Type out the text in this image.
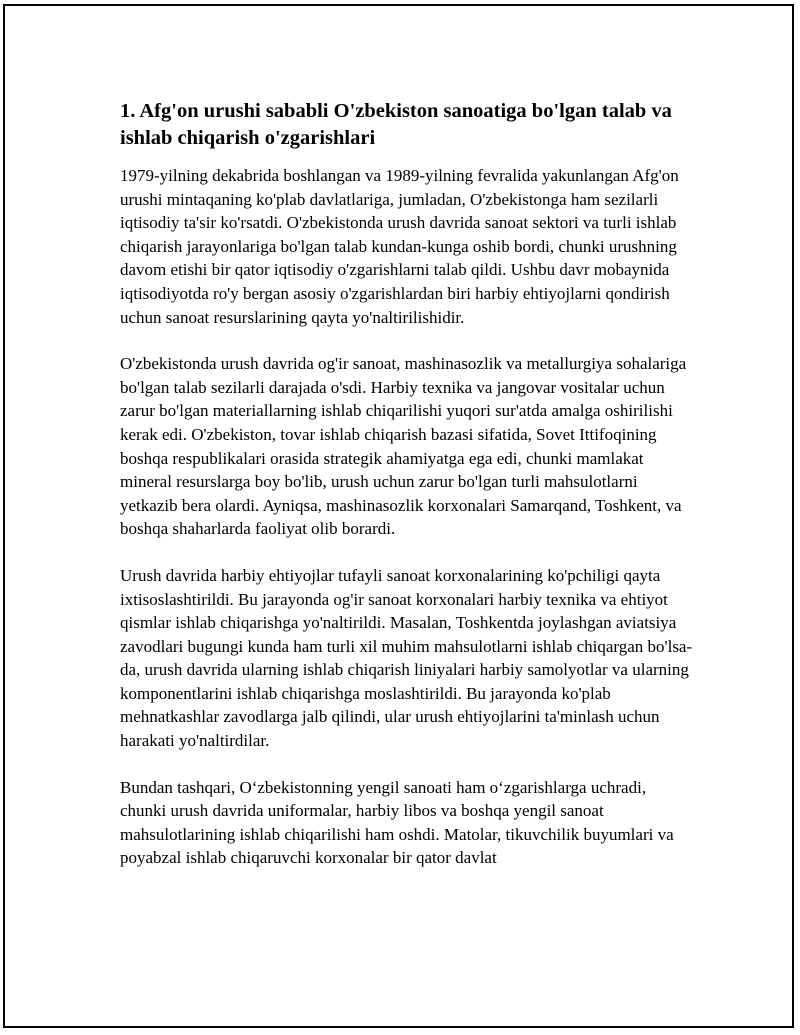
1. Afg'on urushi sababli O'zbekiston sanoatiga bo'lgan talab va ishlab chiqarish o'zgarishlari

1979-yilning dekabrida boshlangan va 1989-yilning fevralida yakunlangan Afg'on urushi mintaqaning ko'plab davlatlariga, jumladan, O'zbekistonga ham sezilarli iqtisodiy ta'sir ko'rsatdi. O'zbekistonda urush davrida sanoat sektori va turli ishlab chiqarish jarayonlariga bo'lgan talab kundan-kunga oshib bordi, chunki urushning davom etishi bir qator iqtisodiy o'zgarishlarni talab qildi. Ushbu davr mobaynida iqtisodiyotda ro'y bergan asosiy o'zgarishlardan biri harbiy ehtiyojlarni qondirish uchun sanoat resurslarining qayta yo'naltirilishidir.

O'zbekistonda urush davrida og'ir sanoat, mashinasozlik va metallurgiya sohalariga bo'lgan talab sezilarli darajada o'sdi. Harbiy texnika va jangovar vositalar uchun zarur bo'lgan materiallarning ishlab chiqarilishi yuqori sur'atda amalga oshirilishi kerak edi. O'zbekiston, tovar ishlab chiqarish bazasi sifatida, Sovet Ittifoqining boshqa respublikalari orasida strategik ahamiyatga ega edi, chunki mamlakat mineral resurslarga boy bo'lib, urush uchun zarur bo'lgan turli mahsulotlarni yetkazib bera olardi. Ayniqsa, mashinasozlik korxonalari Samarqand, Toshkent, va boshqa shaharlarda faoliyat olib borardi.

Urush davrida harbiy ehtiyojlar tufayli sanoat korxonalarining ko'pchiligi qayta ixtisoslashtirildi. Bu jarayonda og'ir sanoat korxonalari harbiy texnika va ehtiyot qismlar ishlab chiqarishga yo'naltirildi. Masalan, Toshkentda joylashgan aviatsiya zavodlari bugungi kunda ham turli xil muhim mahsulotlarni ishlab chiqargan bo'lsa-da, urush davrida ularning ishlab chiqarish liniyalari harbiy samolyotlar va ularning komponentlarini ishlab chiqarishga moslashtirildi. Bu jarayonda ko'plab mehnatkashlar zavodlarga jalb qilindi, ular urush ehtiyojlarini ta'minlash uchun harakati yo'naltirdilar.

Bundan tashqari, O‘zbekistonning yengil sanoati ham o‘zgarishlarga uchradi, chunki urush davrida uniformalar, harbiy libos va boshqa yengil sanoat mahsulotlarining ishlab chiqarilishi ham oshdi. Matolar, tikuvchilik buyumlari va poyabzal ishlab chiqaruvchi korxonalar bir qator davlat
